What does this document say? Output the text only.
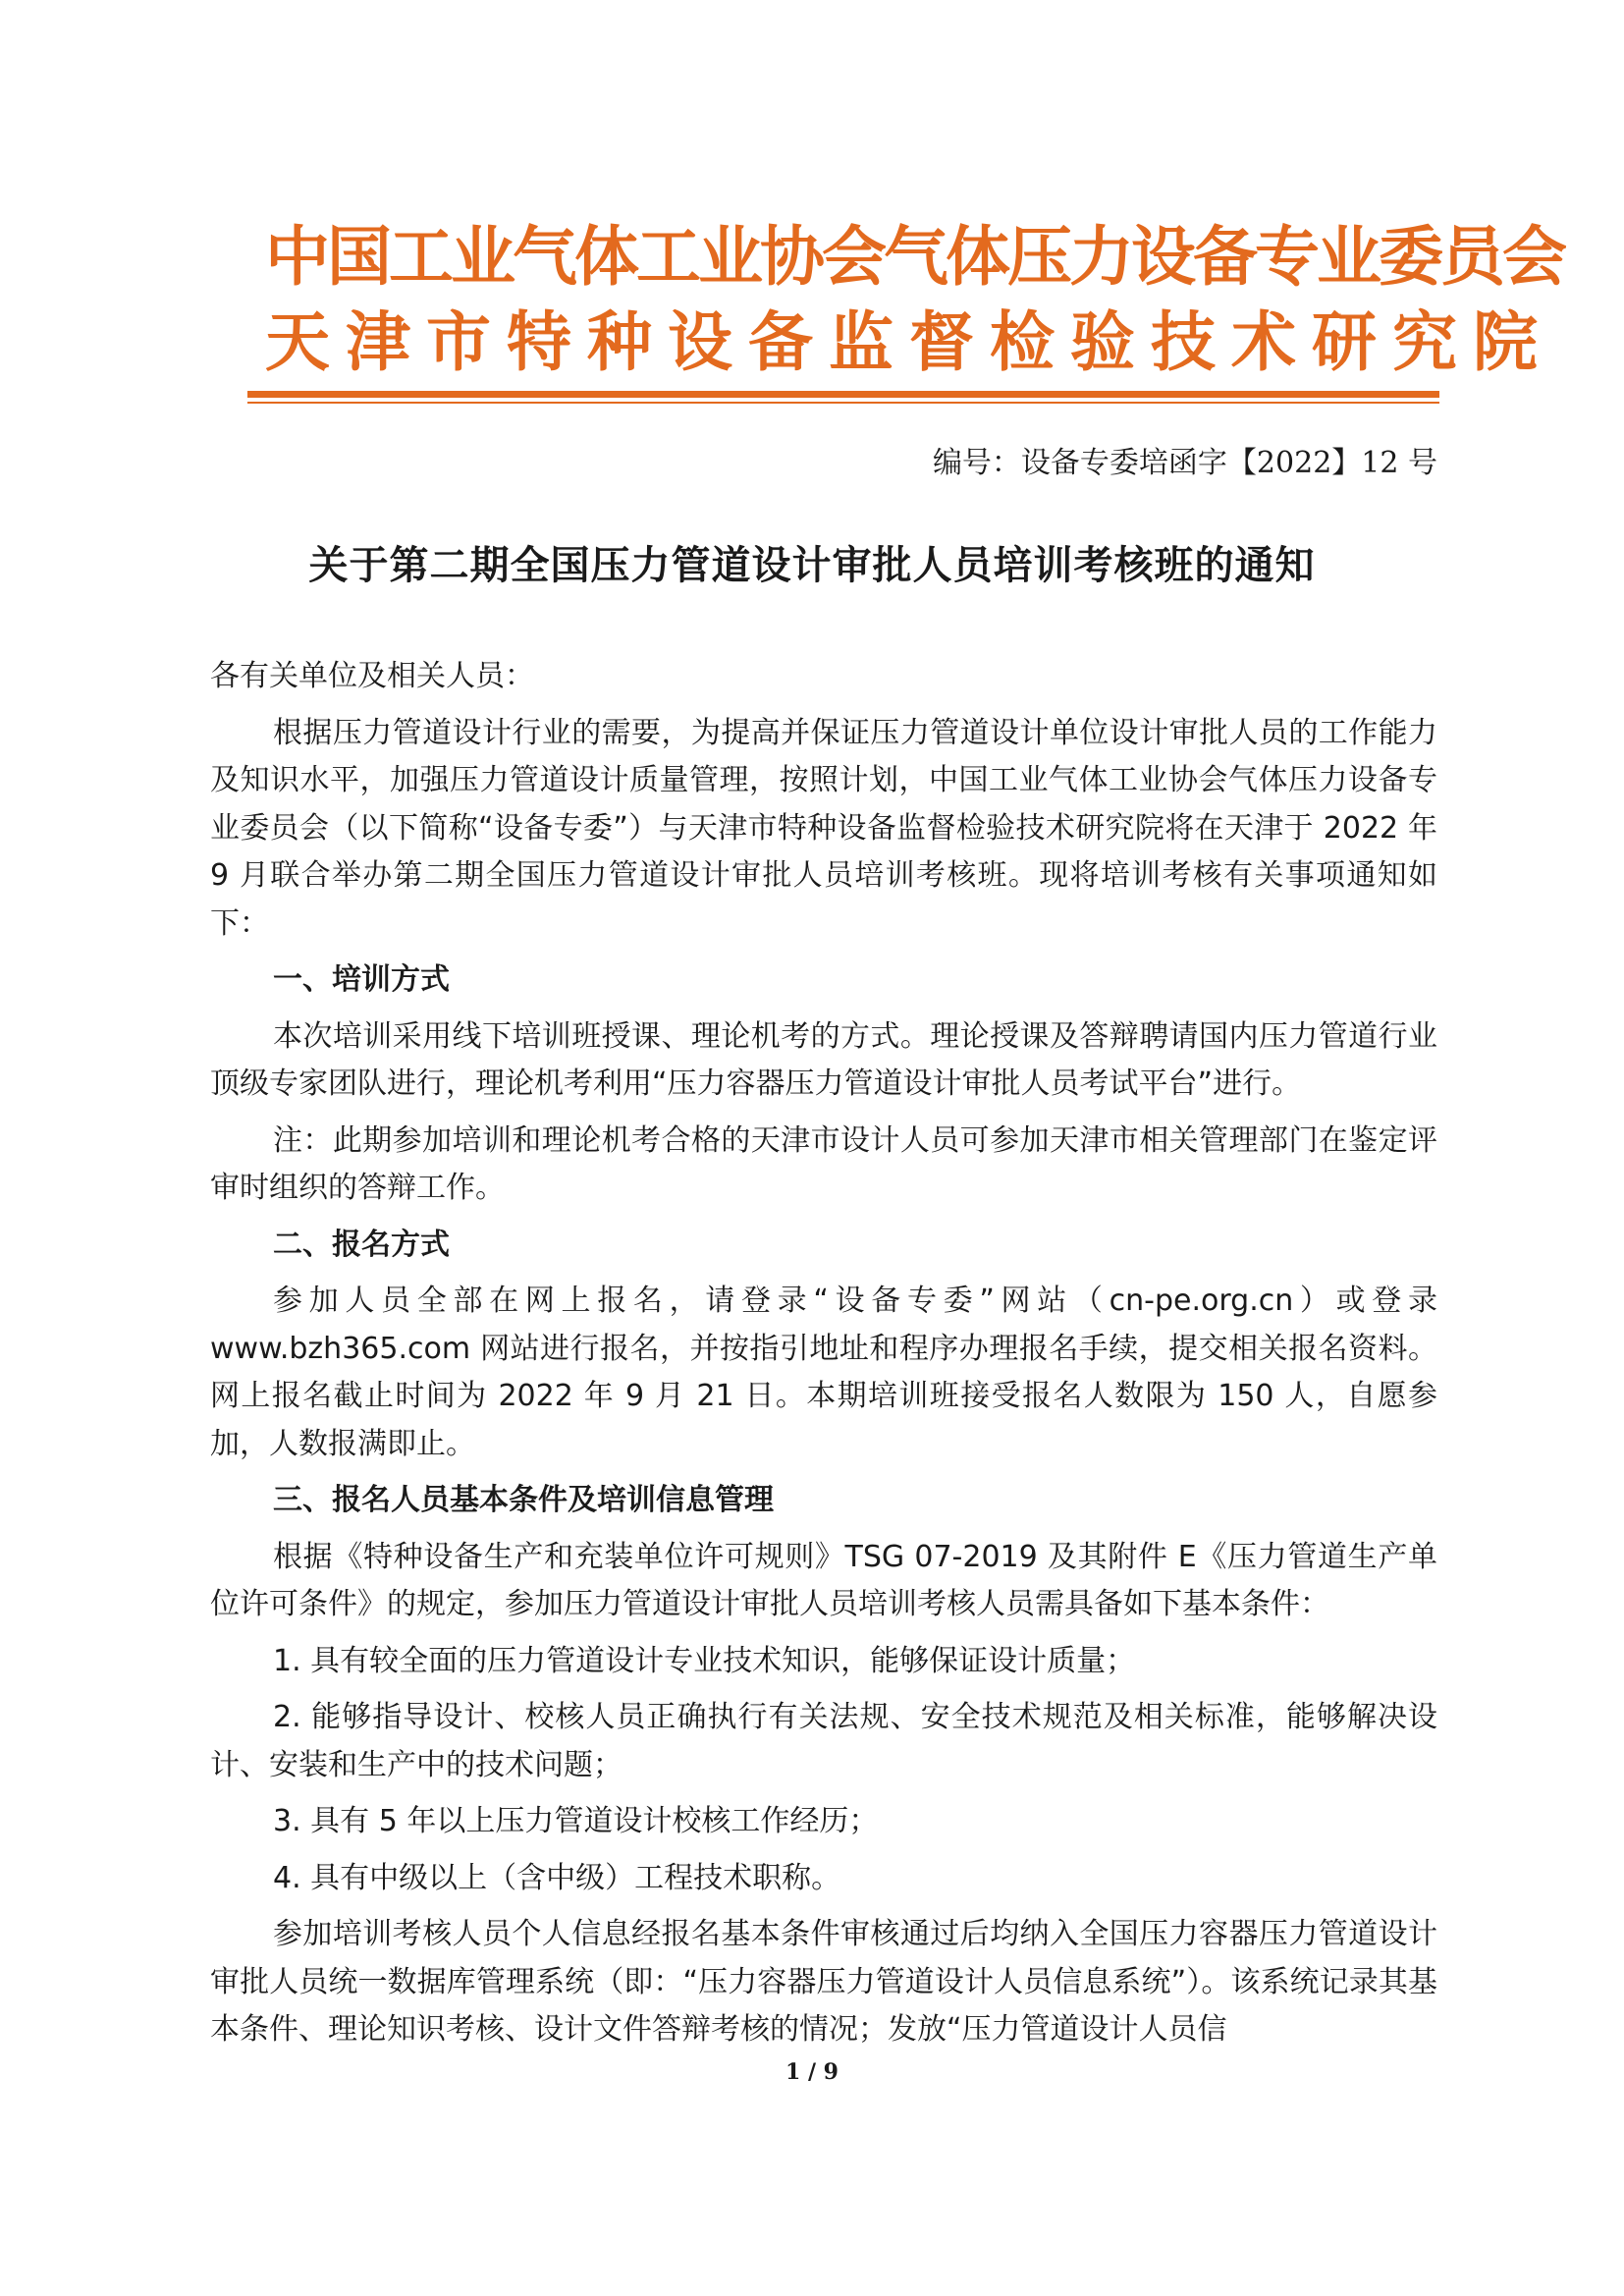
中国工业气体工业协会气体压力设备专业委员会
天津市特种设备监督检验技术研究院
编号：设备专委培函字【2022】12 号
关于第二期全国压力管道设计审批人员培训考核班的通知

各有关单位及相关人员：

根据压力管道设计行业的需要，为提高并保证压力管道设计单位设计审批人员的工作能力及知识水平，加强压力管道设计质量管理，按照计划，中国工业气体工业协会气体压力设备专业委员会（以下简称“设备专委”）与天津市特种设备监督检验技术研究院将在天津于 2022 年 9 月联合举办第二期全国压力管道设计审批人员培训考核班。现将培训考核有关事项通知如下：

一、培训方式

本次培训采用线下培训班授课、理论机考的方式。理论授课及答辩聘请国内压力管道行业顶级专家团队进行，理论机考利用“压力容器压力管道设计审批人员考试平台”进行。

注：此期参加培训和理论机考合格的天津市设计人员可参加天津市相关管理部门在鉴定评审时组织的答辩工作。

二、报名方式

参加人员全部在网上报名，请登录“设备专委”网站（cn-pe.org.cn）或登录 www.bzh365.com 网站进行报名，并按指引地址和程序办理报名手续，提交相关报名资料。网上报名截止时间为 2022 年 9 月 21 日。本期培训班接受报名人数限为 150 人，自愿参加，人数报满即止。

三、报名人员基本条件及培训信息管理

根据《特种设备生产和充装单位许可规则》TSG 07-2019 及其附件 E《压力管道生产单位许可条件》的规定，参加压力管道设计审批人员培训考核人员需具备如下基本条件：

1. 具有较全面的压力管道设计专业技术知识，能够保证设计质量；

2. 能够指导设计、校核人员正确执行有关法规、安全技术规范及相关标准，能够解决设计、安装和生产中的技术问题；

3. 具有 5 年以上压力管道设计校核工作经历；

4. 具有中级以上（含中级）工程技术职称。

参加培训考核人员个人信息经报名基本条件审核通过后均纳入全国压力容器压力管道设计审批人员统一数据库管理系统（即：“压力容器压力管道设计人员信息系统”）。该系统记录其基本条件、理论知识考核、设计文件答辩考核的情况；发放“压力管道设计人员信

1 / 9
